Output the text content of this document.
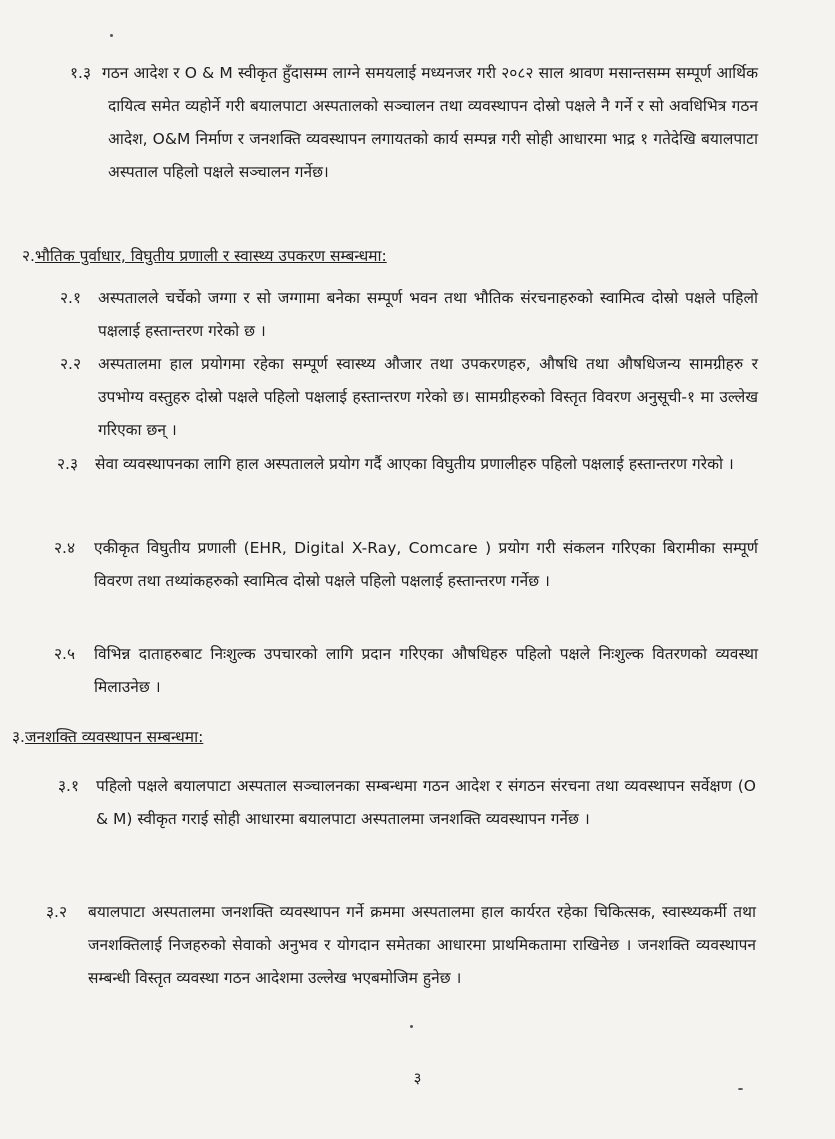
१.३ गठन आदेश र O & M स्वीकृत हुँदासम्म लाग्ने समयलाई मध्यनजर गरी २०८२ साल श्रावण मसान्तसम्म सम्पूर्ण आर्थिक दायित्व समेत व्यहोर्ने गरी बयालपाटा अस्पतालको सञ्चालन तथा व्यवस्थापन दोस्रो पक्षले नै गर्ने र सो अवधिभित्र गठन आदेश, O&M निर्माण र जनशक्ति व्यवस्थापन लगायतको कार्य सम्पन्न गरी सोही आधारमा भाद्र १ गतेदेखि बयालपाटा अस्पताल पहिलो पक्षले सञ्चालन गर्नेछ।
२.भौतिक पुर्वाधार, विघुतीय प्रणाली र स्वास्थ्य उपकरण सम्बन्धमा:
२.१ अस्पतालले चर्चेको जग्गा र सो जग्गामा बनेका सम्पूर्ण भवन तथा भौतिक संरचनाहरुको स्वामित्व दोस्रो पक्षले पहिलो पक्षलाई हस्तान्तरण गरेको छ ।
२.२ अस्पतालमा हाल प्रयोगमा रहेका सम्पूर्ण स्वास्थ्य औजार तथा उपकरणहरु, औषधि तथा औषधिजन्य सामग्रीहरु र उपभोग्य वस्तुहरु दोस्रो पक्षले पहिलो पक्षलाई हस्तान्तरण गरेको छ। सामग्रीहरुको विस्तृत विवरण अनुसूची-१ मा उल्लेख गरिएका छन् ।
२.३ सेवा व्यवस्थापनका लागि हाल अस्पतालले प्रयोग गर्दै आएका विघुतीय प्रणालीहरु पहिलो पक्षलाई हस्तान्तरण गरेको ।
२.४ एकीकृत विघुतीय प्रणाली (EHR, Digital X-Ray, Comcare ) प्रयोग गरी संकलन गरिएका बिरामीका सम्पूर्ण विवरण तथा तथ्यांकहरुको स्वामित्व दोस्रो पक्षले पहिलो पक्षलाई हस्तान्तरण गर्नेछ ।
२.५ विभिन्न दाताहरुबाट निःशुल्क उपचारको लागि प्रदान गरिएका औषधिहरु पहिलो पक्षले निःशुल्क वितरणको व्यवस्था मिलाउनेछ ।
३.जनशक्ति व्यवस्थापन सम्बन्धमा:
३.१ पहिलो पक्षले बयालपाटा अस्पताल सञ्चालनका सम्बन्धमा गठन आदेश र संगठन संरचना तथा व्यवस्थापन सर्वेक्षण (O & M) स्वीकृत गराई सोही आधारमा बयालपाटा अस्पतालमा जनशक्ति व्यवस्थापन गर्नेछ ।
३.२ बयालपाटा अस्पतालमा जनशक्ति व्यवस्थापन गर्ने क्रममा अस्पतालमा हाल कार्यरत रहेका चिकित्सक, स्वास्थ्यकर्मी तथा जनशक्तिलाई निजहरुको सेवाको अनुभव र योगदान समेतका आधारमा प्राथमिकतामा राखिनेछ । जनशक्ति व्यवस्थापन सम्बन्धी विस्तृत व्यवस्था गठन आदेशमा उल्लेख भएबमोजिम हुनेछ ।
३
